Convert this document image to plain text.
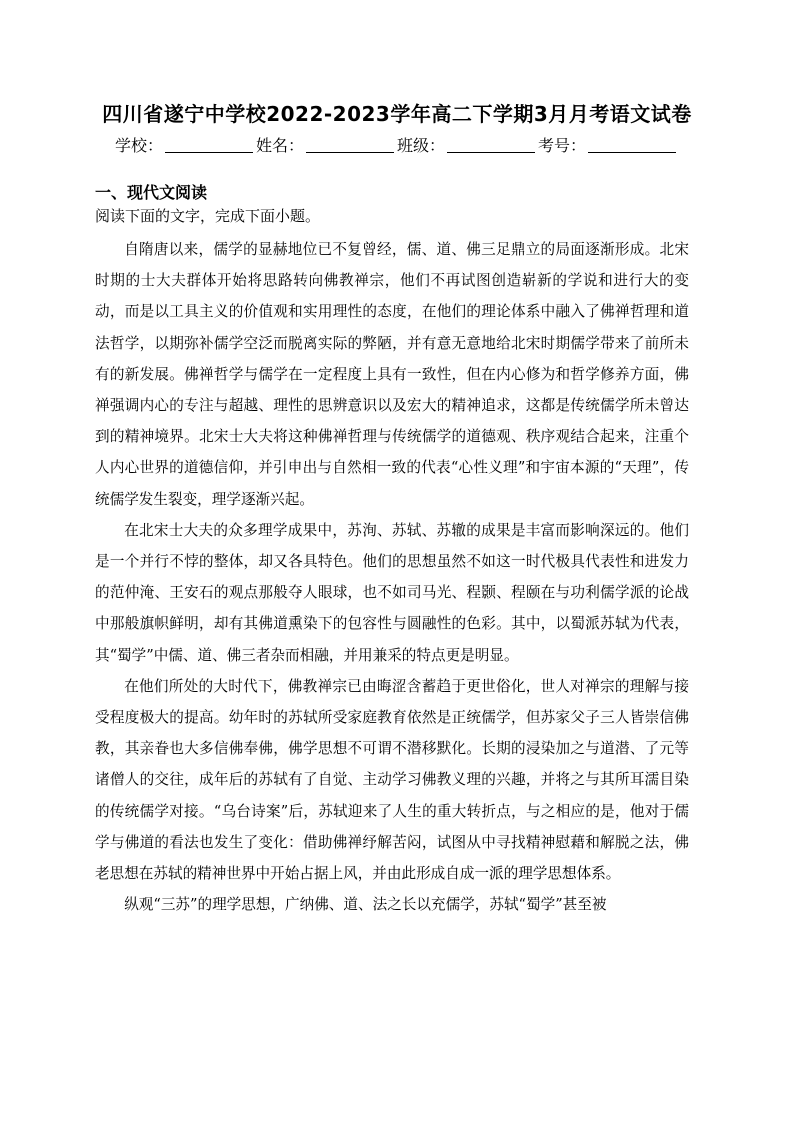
四川省遂宁中学校2022-2023学年高二下学期3月月考语文试卷
学校：	姓名：	班级：	考号：
一、现代文阅读
阅读下面的文字，完成下面小题。

自隋唐以来，儒学的显赫地位已不复曾经，儒、道、佛三足鼎立的局面逐渐形成。北宋时期的士大夫群体开始将思路转向佛教禅宗，他们不再试图创造崭新的学说和进行大的变动，而是以工具主义的价值观和实用理性的态度，在他们的理论体系中融入了佛禅哲理和道法哲学，以期弥补儒学空泛而脱离实际的弊陋，并有意无意地给北宋时期儒学带来了前所未有的新发展。佛禅哲学与儒学在一定程度上具有一致性，但在内心修为和哲学修养方面，佛禅强调内心的专注与超越、理性的思辨意识以及宏大的精神追求，这都是传统儒学所未曾达到的精神境界。北宋士大夫将这种佛禅哲理与传统儒学的道德观、秩序观结合起来，注重个人内心世界的道德信仰，并引申出与自然相一致的代表“心性义理”和宇宙本源的“天理”，传统儒学发生裂变，理学逐渐兴起。

在北宋士大夫的众多理学成果中，苏洵、苏轼、苏辙的成果是丰富而影响深远的。他们是一个并行不悖的整体，却又各具特色。他们的思想虽然不如这一时代极具代表性和进发力的范仲淹、王安石的观点那般夺人眼球，也不如司马光、程颢、程颐在与功利儒学派的论战中那般旗帜鲜明，却有其佛道熏染下的包容性与圆融性的色彩。其中，以蜀派苏轼为代表，其“蜀学”中儒、道、佛三者杂而相融，并用兼采的特点更是明显。

在他们所处的大时代下，佛教禅宗已由晦涩含蓄趋于更世俗化，世人对禅宗的理解与接受程度极大的提高。幼年时的苏轼所受家庭教育依然是正统儒学，但苏家父子三人皆崇信佛教，其亲眷也大多信佛奉佛，佛学思想不可谓不潜移默化。长期的浸染加之与道潜、了元等诸僧人的交往，成年后的苏轼有了自觉、主动学习佛教义理的兴趣，并将之与其所耳濡目染的传统儒学对接。“乌台诗案”后，苏轼迎来了人生的重大转折点，与之相应的是，他对于儒学与佛道的看法也发生了变化：借助佛禅纾解苦闷，试图从中寻找精神慰藉和解脱之法，佛老思想在苏轼的精神世界中开始占据上风，并由此形成自成一派的理学思想体系。

纵观“三苏”的理学思想，广纳佛、道、法之长以充儒学，苏轼“蜀学”甚至被
